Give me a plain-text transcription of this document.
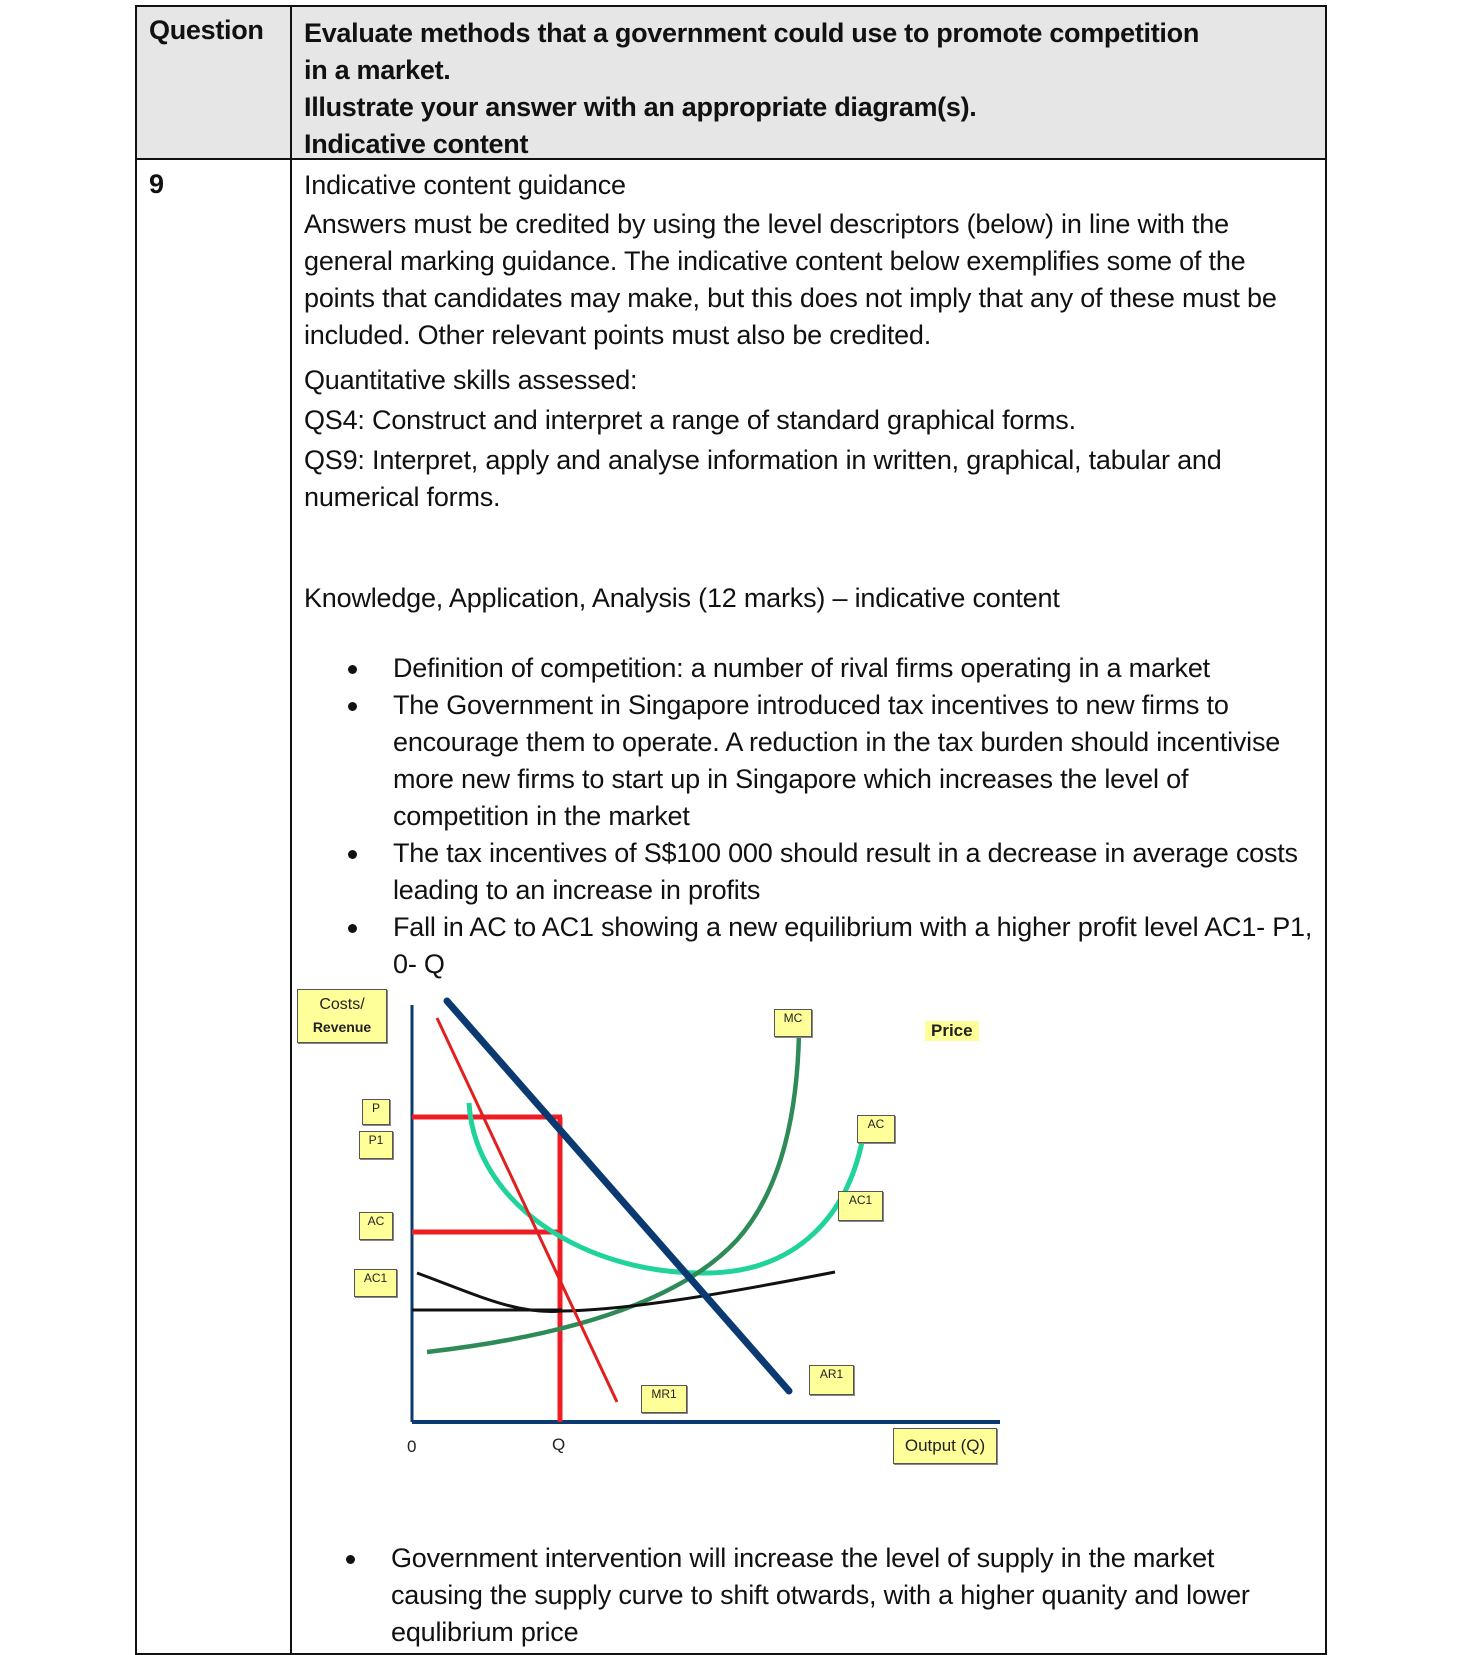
Question Evaluate methods that a government could use to promote competition
in a market.
Illustrate your answer with an appropriate diagram(s).
Indicative content
9	Indicative content guidance

Answers must be credited by using the level descriptors (below) in line with the general marking guidance. The indicative content below exemplifies some of the points that candidates may make, but this does not imply that any of these must be included. Other relevant points must also be credited.

Quantitative skills assessed:

QS4: Construct and interpret a range of standard graphical forms.

QS9: Interpret, apply and analyse information in written, graphical, tabular and numerical forms.

Knowledge, Application, Analysis (12 marks) – indicative content

Definition of competition: a number of rival firms operating in a market
The Government in Singapore introduced tax incentives to new firms to encourage them to operate. A reduction in the tax burden should incentivise more new firms to start up in Singapore which increases the level of competition in the market
The tax incentives of S$100 000 should result in a decrease in average costs leading to an increase in profits
Fall in AC to AC1 showing a new equilibrium with a higher profit level AC1- P1, 0- Q
Costs/
Revenue
P
P1
AC
AC1
MC
AC
AC1
AR1
MR1
Output (Q)
Price
0	Q
Government intervention will increase the level of supply in the market causing the supply curve to shift otwards, with a higher quanity and lower equlibrium price
